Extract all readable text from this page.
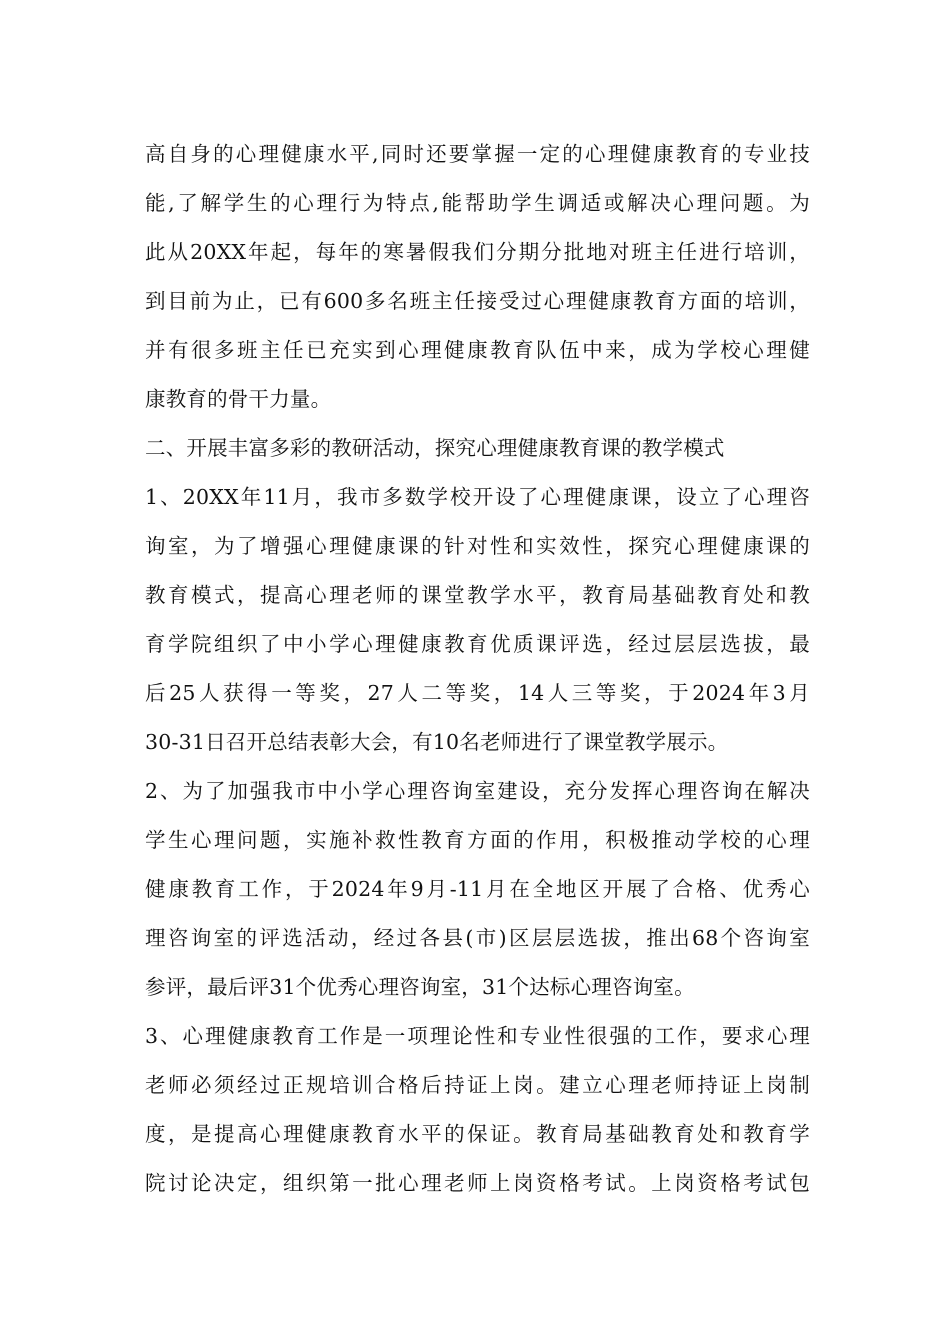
高自身的心理健康水平,同时还要掌握一定的心理健康教育的专业技
能,了解学生的心理行为特点,能帮助学生调适或解决心理问题。为
此从20XX年起，每年的寒暑假我们分期分批地对班主任进行培训，
到目前为止，已有600多名班主任接受过心理健康教育方面的培训，
并有很多班主任已充实到心理健康教育队伍中来，成为学校心理健
康教育的骨干力量。
二、开展丰富多彩的教研活动，探究心理健康教育课的教学模式
1、20XX年11月，我市多数学校开设了心理健康课，设立了心理咨
询室，为了增强心理健康课的针对性和实效性，探究心理健康课的
教育模式，提高心理老师的课堂教学水平，教育局基础教育处和教
育学院组织了中小学心理健康教育优质课评选，经过层层选拔，最
后25人获得一等奖，27人二等奖，14人三等奖，于2024年3月
30-31日召开总结表彰大会，有10名老师进行了课堂教学展示。
2、为了加强我市中小学心理咨询室建设，充分发挥心理咨询在解决
学生心理问题，实施补救性教育方面的作用，积极推动学校的心理
健康教育工作，于2024年9月-11月在全地区开展了合格、优秀心
理咨询室的评选活动，经过各县(市)区层层选拔，推出68个咨询室
参评，最后评31个优秀心理咨询室，31个达标心理咨询室。
3、心理健康教育工作是一项理论性和专业性很强的工作，要求心理
老师必须经过正规培训合格后持证上岗。建立心理老师持证上岗制
度，是提高心理健康教育水平的保证。教育局基础教育处和教育学
院讨论决定，组织第一批心理老师上岗资格考试。上岗资格考试包
